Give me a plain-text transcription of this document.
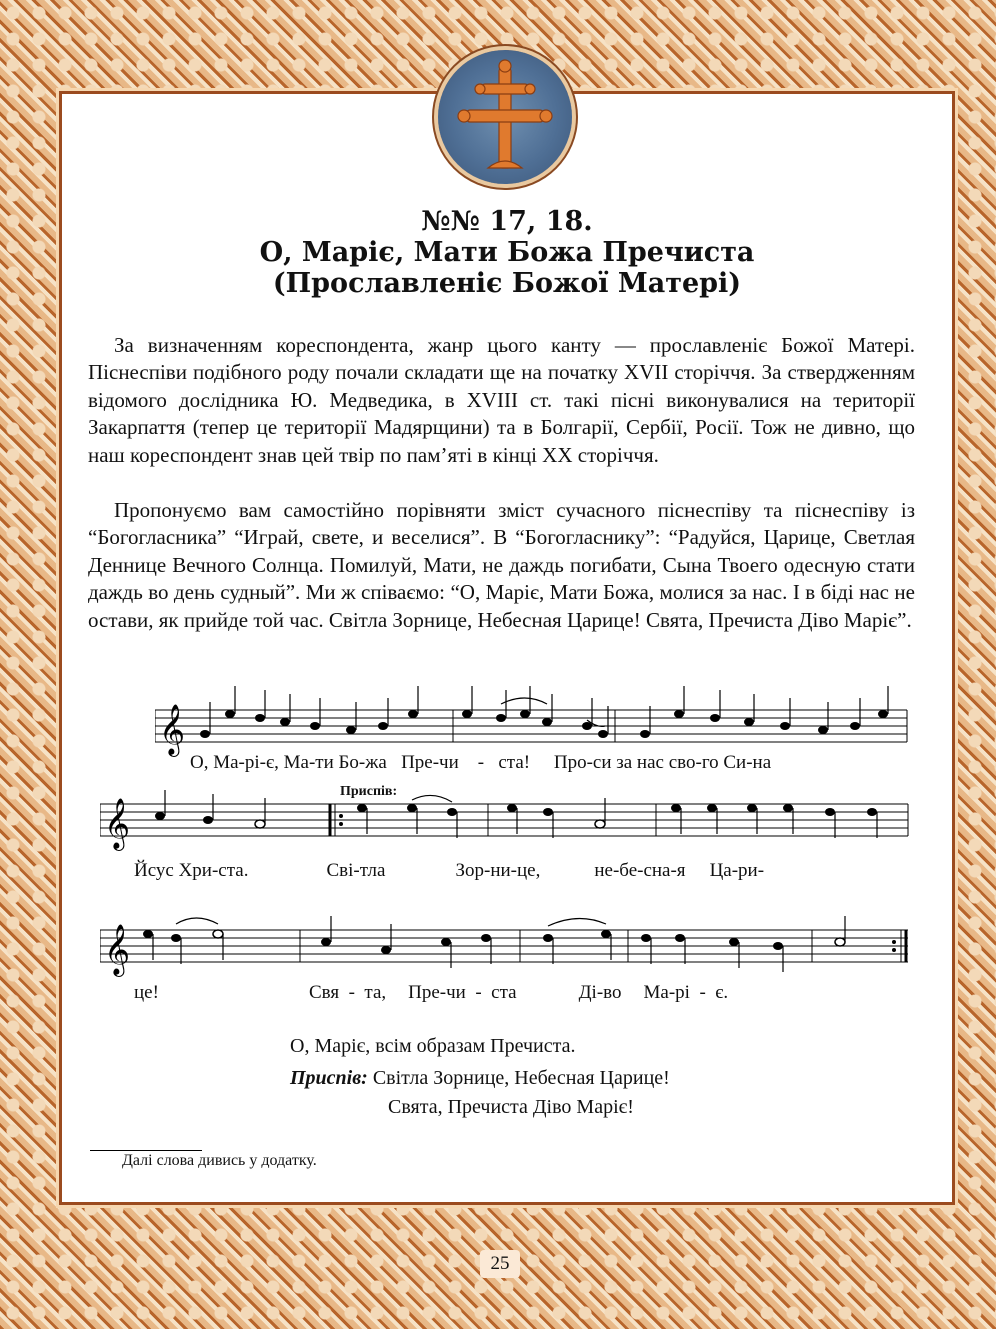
№№ 17, 18.
О, Маріє, Мати Божа Пречиста
(Прославленіє Божої Матері)

За визначенням кореспондента, жанр цього канту — прославленіє Божої Матері. Піснеспіви подібного роду почали складати ще на початку XVII сторіччя. За ствердженням відомого дослідника Ю. Медведика, в XVIII ст. такі пісні виконувалися на території Закарпаття (тепер це території Мадярщини) та в Болгарії, Сербії, Росії. Тож не дивно, що наш кореспондент знав цей твір по пам’яті в кінці XX сторіччя.

Пропонуємо вам самостійно порівняти зміст сучасного піснеспіву та піснеспіву із “Богогласника” “Играй, свете, и веселися”. В “Богогласнику”: “Радуйся, Царице, Светлая Деннице Вечного Солнца. Помилуй, Мати, не даждь погибати, Сына Твоего одесную стати даждь во день судный”. Ми ж співаємо: “О, Маріє, Мати Божа, молися за нас. І в біді нас не остави, як прийде той час. Світла Зорнице, Небесная Царице! Свята, Пречиста Діво Маріє”.

𝄞
О, Ма-рі-є, Ма-ти Бо-жа Пре-чи - ста! Про-си за нас сво-го Си-на
Приспів:
𝄞
Йсус Хри-ста.	Сві-тла	Зор-ни-це,	не-бе-сна-я Ца-ри-
𝄞
це!	Свя - та, Пре-чи - ста	Ді-во Ма-рі - є.
О, Маріє, всім образам Пречиста.
Приспів: Світла Зорнице, Небесная Царице!
Свята, Пречиста Діво Маріє!
Далі слова дивись у додатку.
25
